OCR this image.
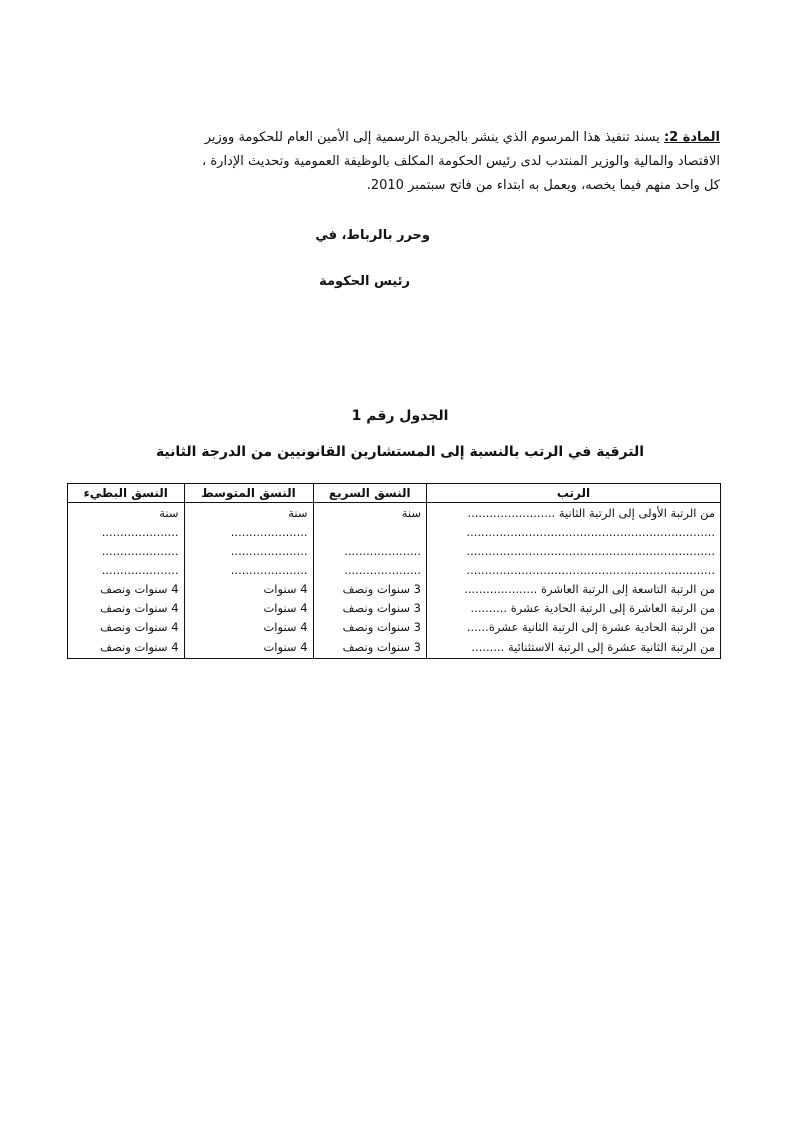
المادة 2: يسند تنفيذ هذا المرسوم الذي ينشر بالجريدة الرسمية إلى الأمين العام للحكومة ووزير

الاقتصاد والمالية والوزير المنتدب لدى رئيس الحكومة المكلف بالوظيفة العمومية وتحديث الإدارة ،

كل واحد منهم فيما يخصه، ويعمل به ابتداء من فاتح سبتمبر 2010.

وحرر بالرباط، في
رئيس الحكومة
الجدول رقم 1
الترقية في الرتب بالنسبة إلى المستشارين القانونيين من الدرجة الثانية
الرتب	النسق السريع	النسق المتوسط	النسق البطيء
من الرتبة الأولى إلى الرتبة الثانية ........................	سنة	سنة	سنة
....................................................................		.....................	.....................
....................................................................	.....................	.....................	.....................
....................................................................	.....................	.....................	.....................
من الرتبة التاسعة إلى الرتبة العاشرة ....................	3 سنوات ونصف	4 سنوات	4 سنوات ونصف
من الرتبة العاشرة إلى الرتبة الحادية عشرة ..........	3 سنوات ونصف	4 سنوات	4 سنوات ونصف
من الرتبة الحادية عشرة إلى الرتبة الثانية عشرة......	3 سنوات ونصف	4 سنوات	4 سنوات ونصف
من الرتبة الثانية عشرة إلى الرتبة الاستثنائية .........	3 سنوات ونصف	4 سنوات	4 سنوات ونصف
